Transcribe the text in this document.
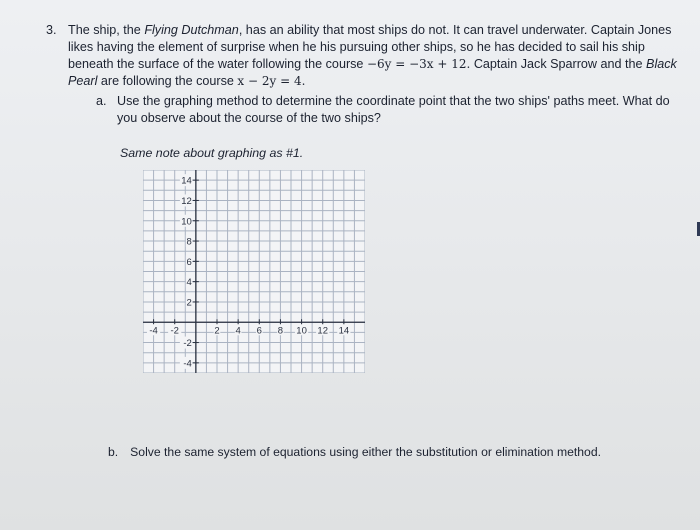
3. The ship, the Flying Dutchman, has an ability that most ships do not. It can travel underwater. Captain Jones likes having the element of surprise when he his pursuing other ships, so he has decided to sail his ship beneath the surface of the water following the course −6y = −3x + 12. Captain Jack Sparrow and the Black Pearl are following the course x − 2y = 4.
a. Use the graphing method to determine the coordinate point that the two ships' paths meet. What do you observe about the course of the two ships?
Same note about graphing as #1.
-4 -2	2 4 6 8 10 12 14
14
12
10
8
6
4
2
-2
-4
b. Solve the same system of equations using either the substitution or elimination method.
